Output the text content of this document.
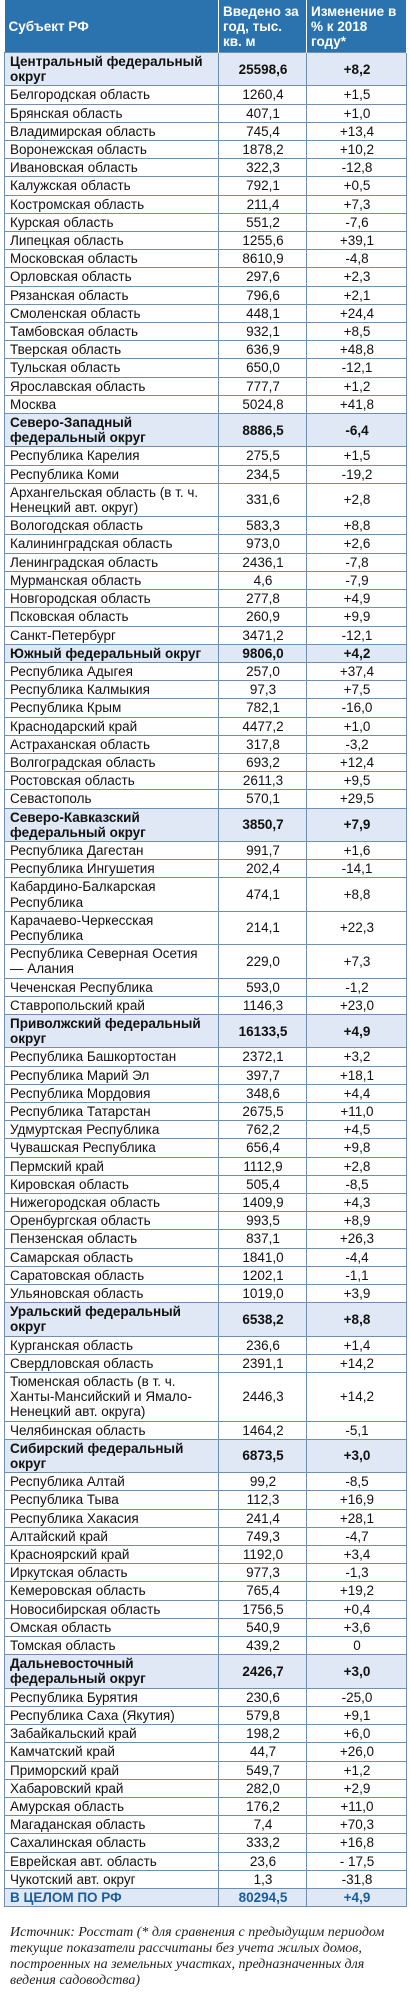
Субъект РФ	Введено за год, тыс. кв. м	Изменение в % к 2018 году*
Центральный федеральный округ	25598,6	+8,2
Белгородская область	1260,4	+1,5
Брянская область	407,1	+1,0
Владимирская область	745,4	+13,4
Воронежская область	1878,2	+10,2
Ивановская область	322,3	-12,8
Калужская область	792,1	+0,5
Костромская область	211,4	+7,3
Курская область	551,2	-7,6
Липецкая область	1255,6	+39,1
Московская область	8610,9	-4,8
Орловская область	297,6	+2,3
Рязанская область	796,6	+2,1
Смоленская область	448,1	+24,4
Тамбовская область	932,1	+8,5
Тверская область	636,9	+48,8
Тульская область	650,0	-12,1
Ярославская область	777,7	+1,2
Москва	5024,8	+41,8
Северо-Западный федеральный округ	8886,5	-6,4
Республика Карелия	275,5	+1,5
Республика Коми	234,5	-19,2
Архангельская область (в т. ч. Ненецкий авт. округ)	331,6	+2,8
Вологодская область	583,3	+8,8
Калининградская область	973,0	+2,6
Ленинградская область	2436,1	-7,8
Мурманская область	4,6	-7,9
Новгородская область	277,8	+4,9
Псковская область	260,9	+9,9
Санкт-Петербург	3471,2	-12,1
Южный федеральный округ	9806,0	+4,2
Республика Адыгея	257,0	+37,4
Республика Калмыкия	97,3	+7,5
Республика Крым	782,1	-16,0
Краснодарский край	4477,2	+1,0
Астраханская область	317,8	-3,2
Волгоградская область	693,2	+12,4
Ростовская область	2611,3	+9,5
Севастополь	570,1	+29,5
Северо-Кавказский федеральный округ	3850,7	+7,9
Республика Дагестан	991,7	+1,6
Республика Ингушетия	202,4	-14,1
Кабардино-Балкарская Республика	474,1	+8,8
Карачаево-Черкесская Республика	214,1	+22,3
Республика Северная Осетия — Алания	229,0	+7,3
Чеченская Республика	593,0	-1,2
Ставропольский край	1146,3	+23,0
Приволжский федеральный округ	16133,5	+4,9
Республика Башкортостан	2372,1	+3,2
Республика Марий Эл	397,7	+18,1
Республика Мордовия	348,6	+4,4
Республика Татарстан	2675,5	+11,0
Удмуртская Республика	762,2	+4,5
Чувашская Республика	656,4	+9,8
Пермский край	1112,9	+2,8
Кировская область	505,4	-8,5
Нижегородская область	1409,9	+4,3
Оренбургская область	993,5	+8,9
Пензенская область	837,1	+26,3
Самарская область	1841,0	-4,4
Саратовская область	1202,1	-1,1
Ульяновская область	1019,0	+3,9
Уральский федеральный округ	6538,2	+8,8
Курганская область	236,6	+1,4
Свердловская область	2391,1	+14,2
Тюменская область (в т. ч. Ханты-Мансийский и Ямало-Ненецкий авт. округа)	2446,3	+14,2
Челябинская область	1464,2	-5,1
Сибирский федеральный округ	6873,5	+3,0
Республика Алтай	99,2	-8,5
Республика Тыва	112,3	+16,9
Республика Хакасия	241,4	+28,1
Алтайский край	749,3	-4,7
Красноярский край	1192,0	+3,4
Иркутская область	977,3	-1,3
Кемеровская область	765,4	+19,2
Новосибирская область	1756,5	+0,4
Омская область	540,9	+3,6
Томская область	439,2	0
Дальневосточный федеральный округ	2426,7	+3,0
Республика Бурятия	230,6	-25,0
Республика Саха (Якутия)	579,8	+9,1
Забайкальский край	198,2	+6,0
Камчатский край	44,7	+26,0
Приморский край	549,7	+1,2
Хабаровский край	282,0	+2,9
Амурская область	176,2	+11,0
Магаданская область	7,4	+70,3
Сахалинская область	333,2	+16,8
Еврейская авт. область	23,6	- 17,5
Чукотский авт. округ	1,3	-31,8
В ЦЕЛОМ ПО РФ	80294,5	+4,9
Источник: Росстат (* для сравнения с предыдущим периодом текущие показатели рассчитаны без учета жилых домов, построенных на земельных участках, предназначенных для ведения садоводства)
